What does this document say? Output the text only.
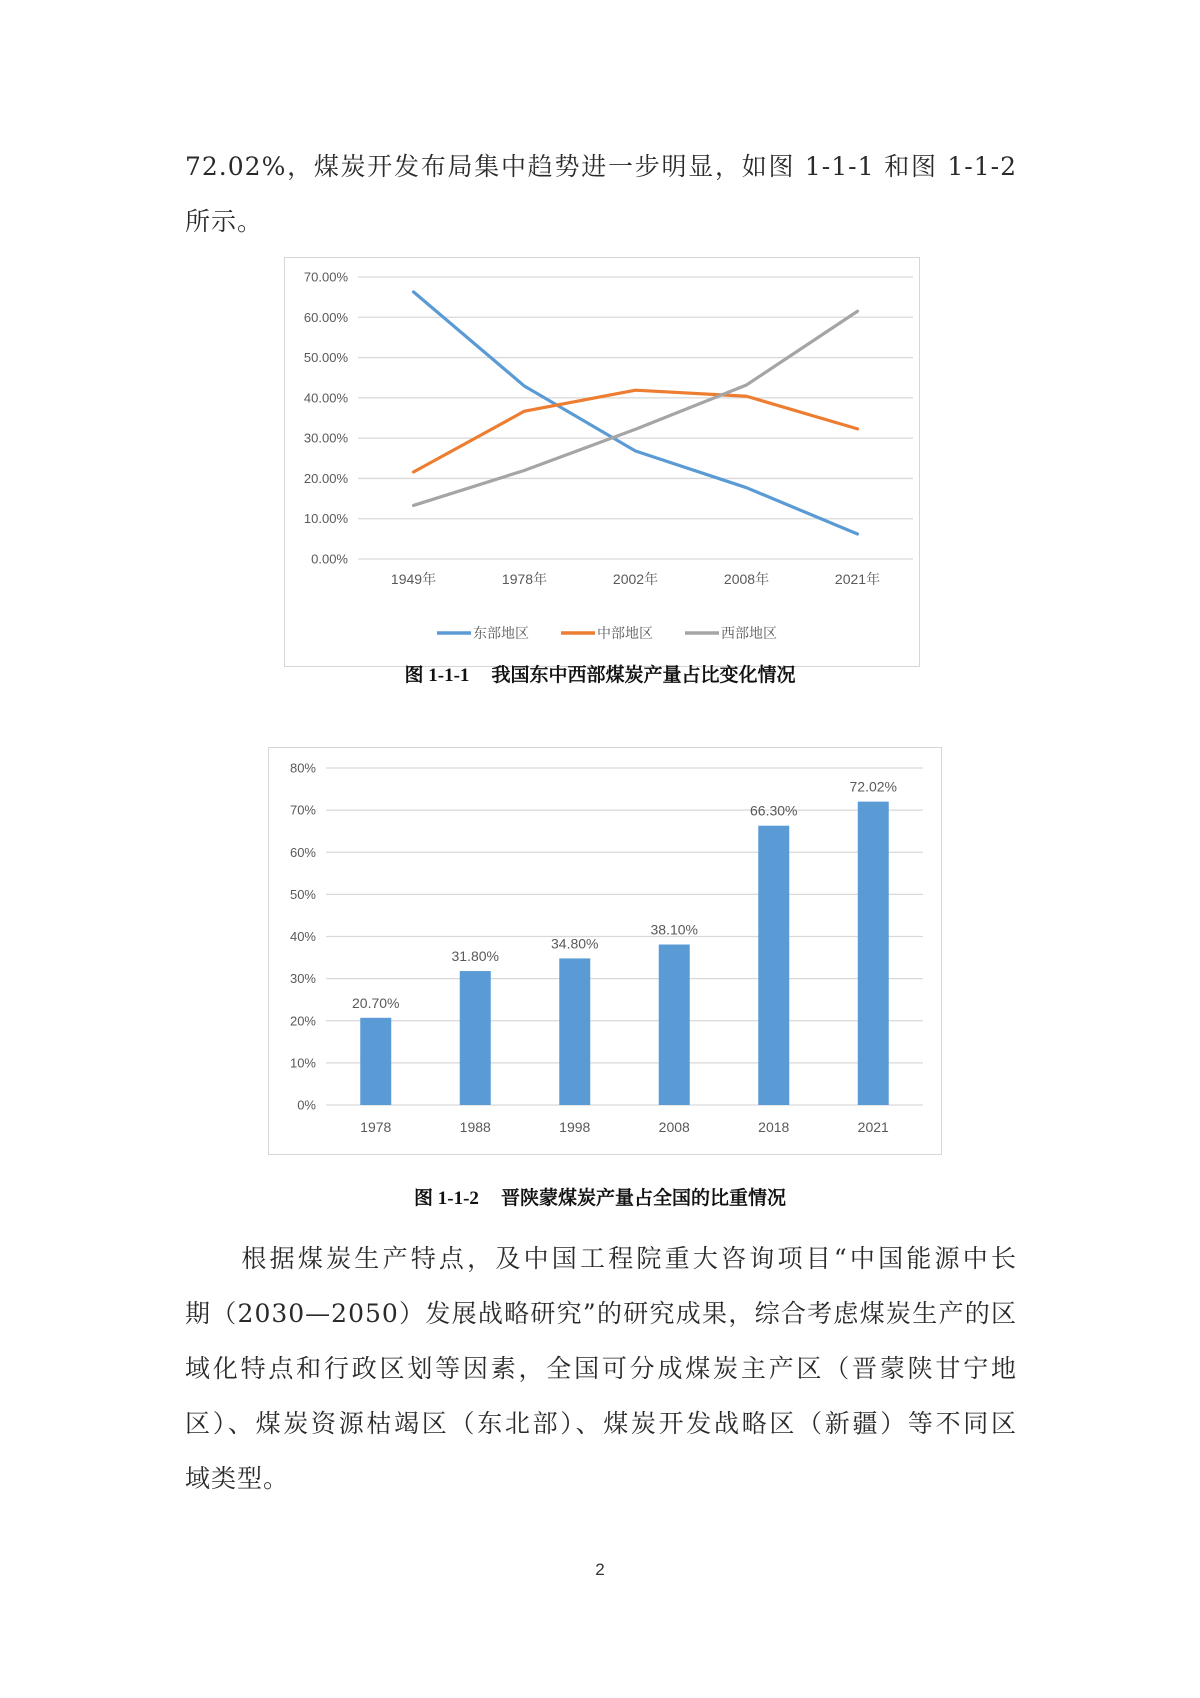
72.02%，煤炭开发布局集中趋势进一步明显，如图 1-1-1 和图 1-1-2
所示。
70.00%
60.00%
50.00%
40.00%
30.00%
20.00%
10.00%
0.00%
1949年	1978年	2002年	2008年	2021年
东部地区	中部地区	西部地区
图 1-1-1 我国东中西部煤炭产量占比变化情况
80%
70%
60%
50%
40%
30%
20%
10%
0%
20.70%
1978
31.80%
1988
34.80%
1998
38.10%
2008
66.30%
2018
72.02%
2021
图 1-1-2 晋陕蒙煤炭产量占全国的比重情况
　　根据煤炭生产特点，及中国工程院重大咨询项目“中国能源中长
期（2030—2050）发展战略研究”的研究成果，综合考虑煤炭生产的区
域化特点和行政区划等因素，全国可分成煤炭主产区（晋蒙陕甘宁地
区）、煤炭资源枯竭区（东北部）、煤炭开发战略区（新疆）等不同区
域类型。
2
